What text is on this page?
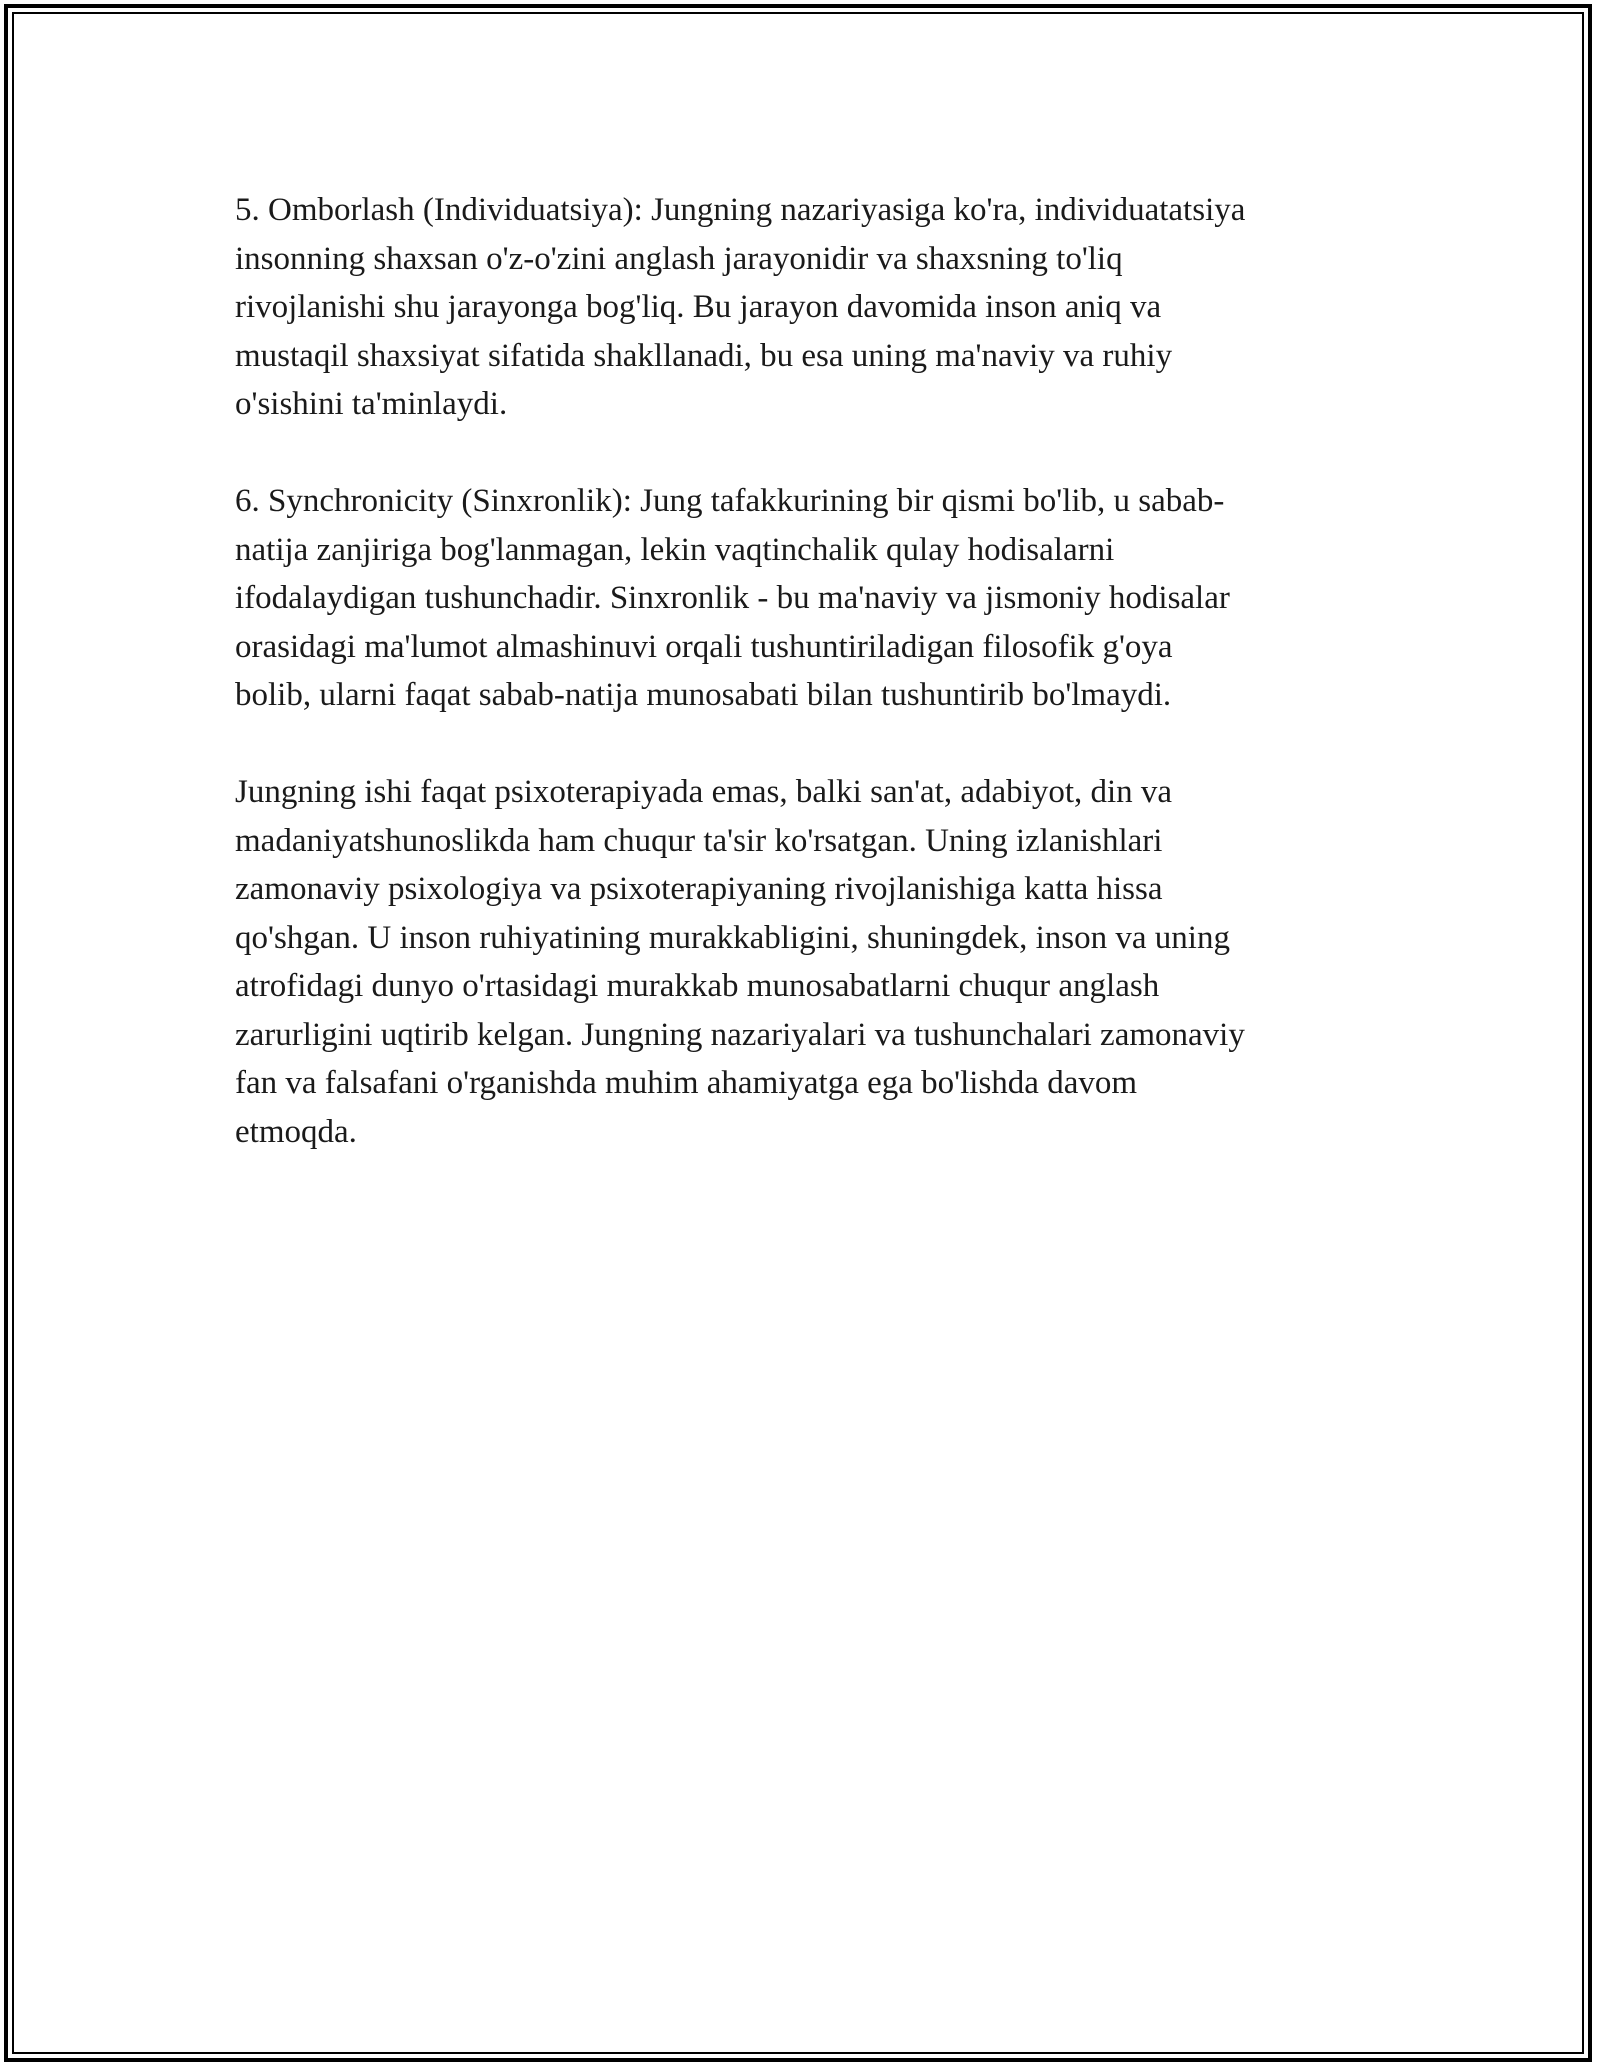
5. Omborlash (Individuatsiya): Jungning nazariyasiga ko'ra, individuatatsiya
insonning shaxsan o'z-o'zini anglash jarayonidir va shaxsning to'liq
rivojlanishi shu jarayonga bog'liq. Bu jarayon davomida inson aniq va
mustaqil shaxsiyat sifatida shakllanadi, bu esa uning ma'naviy va ruhiy
o'sishini ta'minlaydi.

6. Synchronicity (Sinxronlik): Jung tafakkurining bir qismi bo'lib, u sabab-
natija zanjiriga bog'lanmagan, lekin vaqtinchalik qulay hodisalarni
ifodalaydigan tushunchadir. Sinxronlik - bu ma'naviy va jismoniy hodisalar
orasidagi ma'lumot almashinuvi orqali tushuntiriladigan filosofik g'oya
bolib, ularni faqat sabab-natija munosabati bilan tushuntirib bo'lmaydi.

Jungning ishi faqat psixoterapiyada emas, balki san'at, adabiyot, din va
madaniyatshunoslikda ham chuqur ta'sir ko'rsatgan. Uning izlanishlari
zamonaviy psixologiya va psixoterapiyaning rivojlanishiga katta hissa
qo'shgan. U inson ruhiyatining murakkabligini, shuningdek, inson va uning
atrofidagi dunyo o'rtasidagi murakkab munosabatlarni chuqur anglash
zarurligini uqtirib kelgan. Jungning nazariyalari va tushunchalari zamonaviy
fan va falsafani o'rganishda muhim ahamiyatga ega bo'lishda davom
etmoqda.
